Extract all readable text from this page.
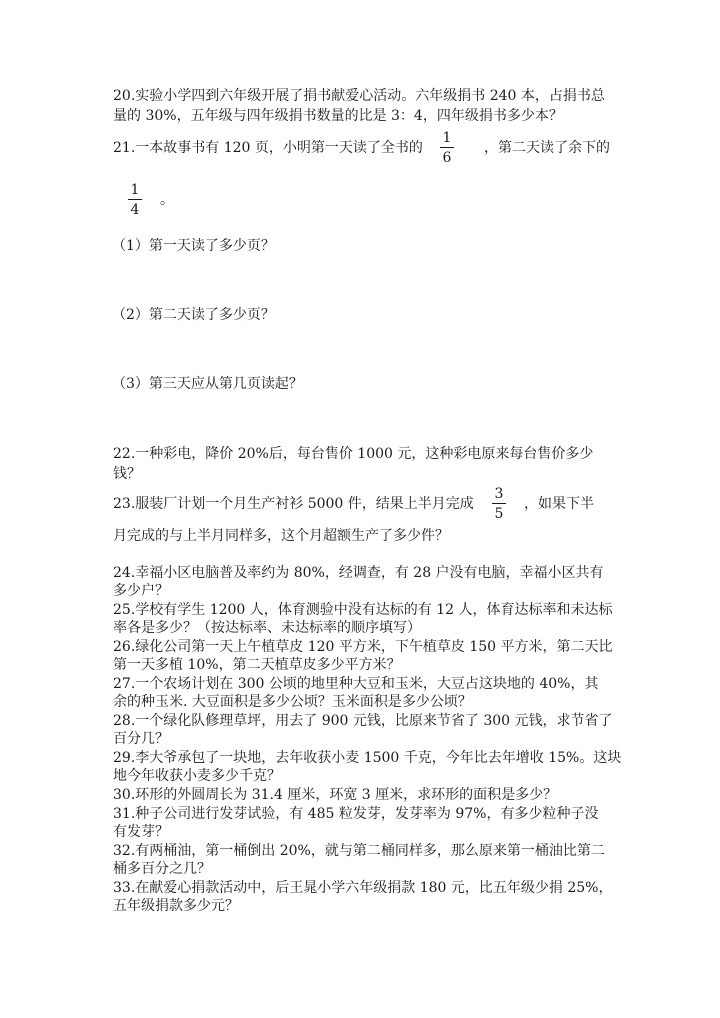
20.实验小学四到六年级开展了捐书献爱心活动。六年级捐书 240 本，占捐书总
量的 30%，五年级与四年级捐书数量的比是 3：4，四年级捐书多少本？
21.一本故事书有 120 页，小明第一天读了全书的
1
6
，第二天读了余下的
1
4
。
（1）第一天读了多少页？
（2）第二天读了多少页？
（3）第三天应从第几页读起？
22.一种彩电，降价 20%后，每台售价 1000 元，这种彩电原来每台售价多少
钱？
23.服装厂计划一个月生产衬衫 5000 件，结果上半月完成
3
5
，如果下半
月完成的与上半月同样多，这个月超额生产了多少件？
24.幸福小区电脑普及率约为 80%，经调查，有 28 户没有电脑，幸福小区共有
多少户？
25.学校有学生 1200 人，体育测验中没有达标的有 12 人，体育达标率和未达标
率各是多少？（按达标率、未达标率的顺序填写）
26.绿化公司第一天上午植草皮 120 平方米，下午植草皮 150 平方米，第二天比
第一天多植 10%，第二天植草皮多少平方米？
27.一个农场计划在 300 公顷的地里种大豆和玉米，大豆占这块地的 40%，其
余的种玉米. 大豆面积是多少公顷？玉米面积是多少公顷？
28.一个绿化队修理草坪，用去了 900 元钱，比原来节省了 300 元钱，求节省了
百分几？
29.李大爷承包了一块地，去年收获小麦 1500 千克，今年比去年增收 15%。这块
地今年收获小麦多少千克？
30.环形的外圆周长为 31.4 厘米，环宽 3 厘米，求环形的面积是多少？
31.种子公司进行发芽试验，有 485 粒发芽，发芽率为 97%，有多少粒种子没
有发芽？
32.有两桶油，第一桶倒出 20%，就与第二桶同样多，那么原来第一桶油比第二
桶多百分之几？
33.在献爱心捐款活动中，后王晁小学六年级捐款 180 元，比五年级少捐 25%，
五年级捐款多少元？
